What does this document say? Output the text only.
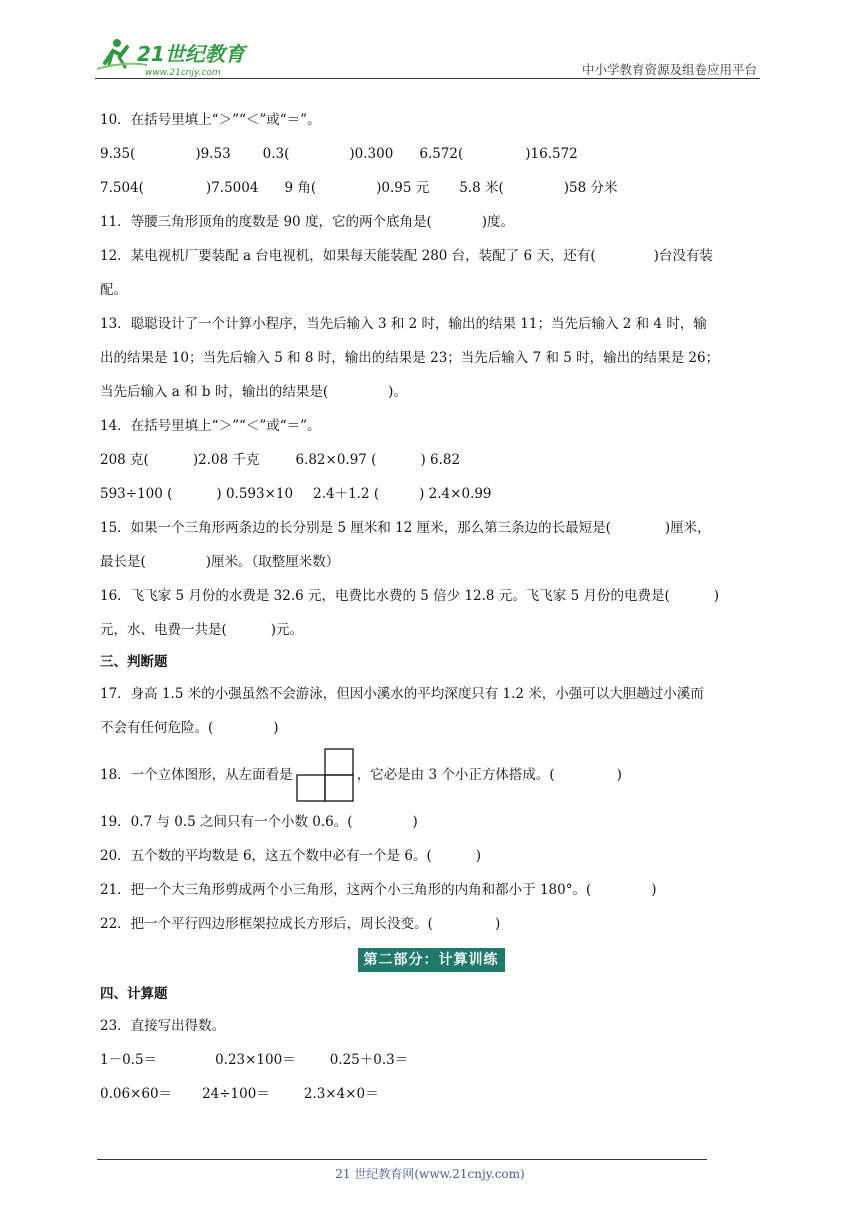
21世纪教育
www.21cnjy.com	中小学教育资源及组卷应用平台
10．在括号里填上“＞”“＜”或“＝”。
9.35(	)9.53 0.3(	)0.300 6.572(	)16.572
7.504(	)7.5004 9 角(	)0.95 元 5.8 米(	)58 分米
11．等腰三角形顶角的度数是 90 度，它的两个底角是(	)度。
12．某电视机厂要装配 a 台电视机，如果每天能装配 280 台，装配了 6 天，还有(	)台没有装
配。
13．聪聪设计了一个计算小程序，当先后输入 3 和 2 时，输出的结果 11；当先后输入 2 和 4 时，输
出的结果是 10；当先后输入 5 和 8 时，输出的结果是 23；当先后输入 7 和 5 时，输出的结果是 26；
当先后输入 a 和 b 时，输出的结果是(	)。
14．在括号里填上“＞”“＜”或“＝”。
208 克(	)2.08 千克	6.82×0.97 (	) 6.82
593÷100 (	) 0.593×10 2.4＋1.2 (	) 2.4×0.99
15．如果一个三角形两条边的长分别是 5 厘米和 12 厘米，那么第三条边的长最短是(	)厘米，
最长是(	)厘米。（取整厘米数）
16．飞飞家 5 月份的水费是 32.6 元，电费比水费的 5 倍少 12.8 元。飞飞家 5 月份的电费是(	)
元，水、电费一共是(	)元。
三、判断题
17．身高 1.5 米的小强虽然不会游泳，但因小溪水的平均深度只有 1.2 米，小强可以大胆趟过小溪而
不会有任何危险。(	)
18．一个立体图形，从左面看是	，它必是由 3 个小正方体搭成。(	)
19．0.7 与 0.5 之间只有一个小数 0.6。(	)
20．五个数的平均数是 6，这五个数中必有一个是 6。(	)
21．把一个大三角形剪成两个小三角形，这两个小三角形的内角和都小于 180°。(	)
22．把一个平行四边形框架拉成长方形后，周长没变。(	)
第二部分：计算训练
四、计算题
23．直接写出得数。
1－0.5＝	0.23×100＝	0.25＋0.3＝
0.06×60＝ 24÷100＝	2.3×4×0＝
21 世纪教育网(www.21cnjy.com)
